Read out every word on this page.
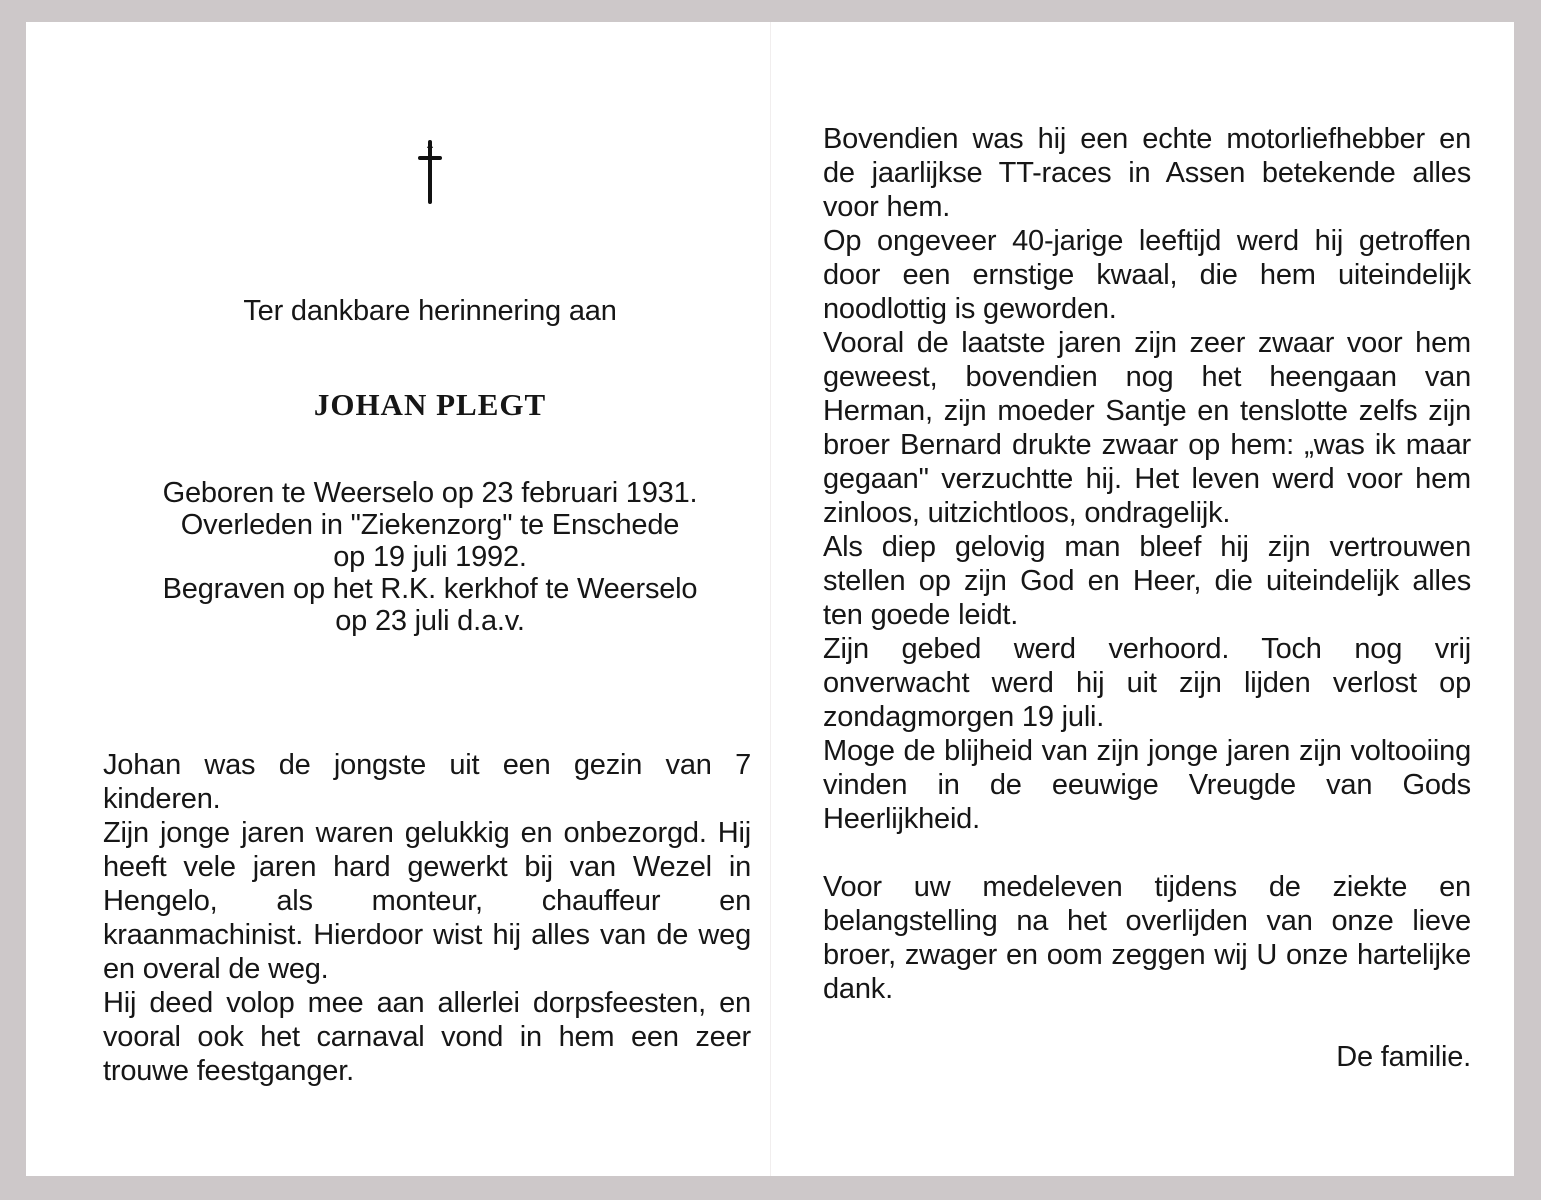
Ter dankbare herinnering aan
JOHAN PLEGT
Geboren te Weerselo op 23 februari 1931.
Overleden in "Ziekenzorg" te Enschede
op 19 juli 1992.
Begraven op het R.K. kerkhof te Weerselo
op 23 juli d.a.v.

Johan was de jongste uit een gezin van 7 kinderen.

Zijn jonge jaren waren gelukkig en onbezorgd. Hij heeft vele jaren hard gewerkt bij van Wezel in Hengelo, als monteur, chauffeur en kraanmachinist. Hierdoor wist hij alles van de weg en overal de weg.

Hij deed volop mee aan allerlei dorpsfeesten, en vooral ook het carnaval vond in hem een zeer trouwe feestganger.

Bovendien was hij een echte motorliefhebber en de jaarlijkse TT-races in Assen betekende alles voor hem.

Op ongeveer 40-jarige leeftijd werd hij getroffen door een ernstige kwaal, die hem uiteindelijk noodlottig is geworden.

Vooral de laatste jaren zijn zeer zwaar voor hem geweest, bovendien nog het heengaan van Herman, zijn moeder Santje en tenslotte zelfs zijn broer Bernard drukte zwaar op hem: „was ik maar gegaan" verzuchtte hij. Het leven werd voor hem zinloos, uitzichtloos, ondragelijk.

Als diep gelovig man bleef hij zijn vertrouwen stellen op zijn God en Heer, die uiteindelijk alles ten goede leidt.

Zijn gebed werd verhoord. Toch nog vrij onverwacht werd hij uit zijn lijden verlost op zondagmorgen 19 juli.

Moge de blijheid van zijn jonge jaren zijn voltooiing vinden in de eeuwige Vreugde van Gods Heerlijkheid.

Voor uw medeleven tijdens de ziekte en belangstelling na het overlijden van onze lieve broer, zwager en oom zeggen wij U onze hartelijke dank.

De familie.
